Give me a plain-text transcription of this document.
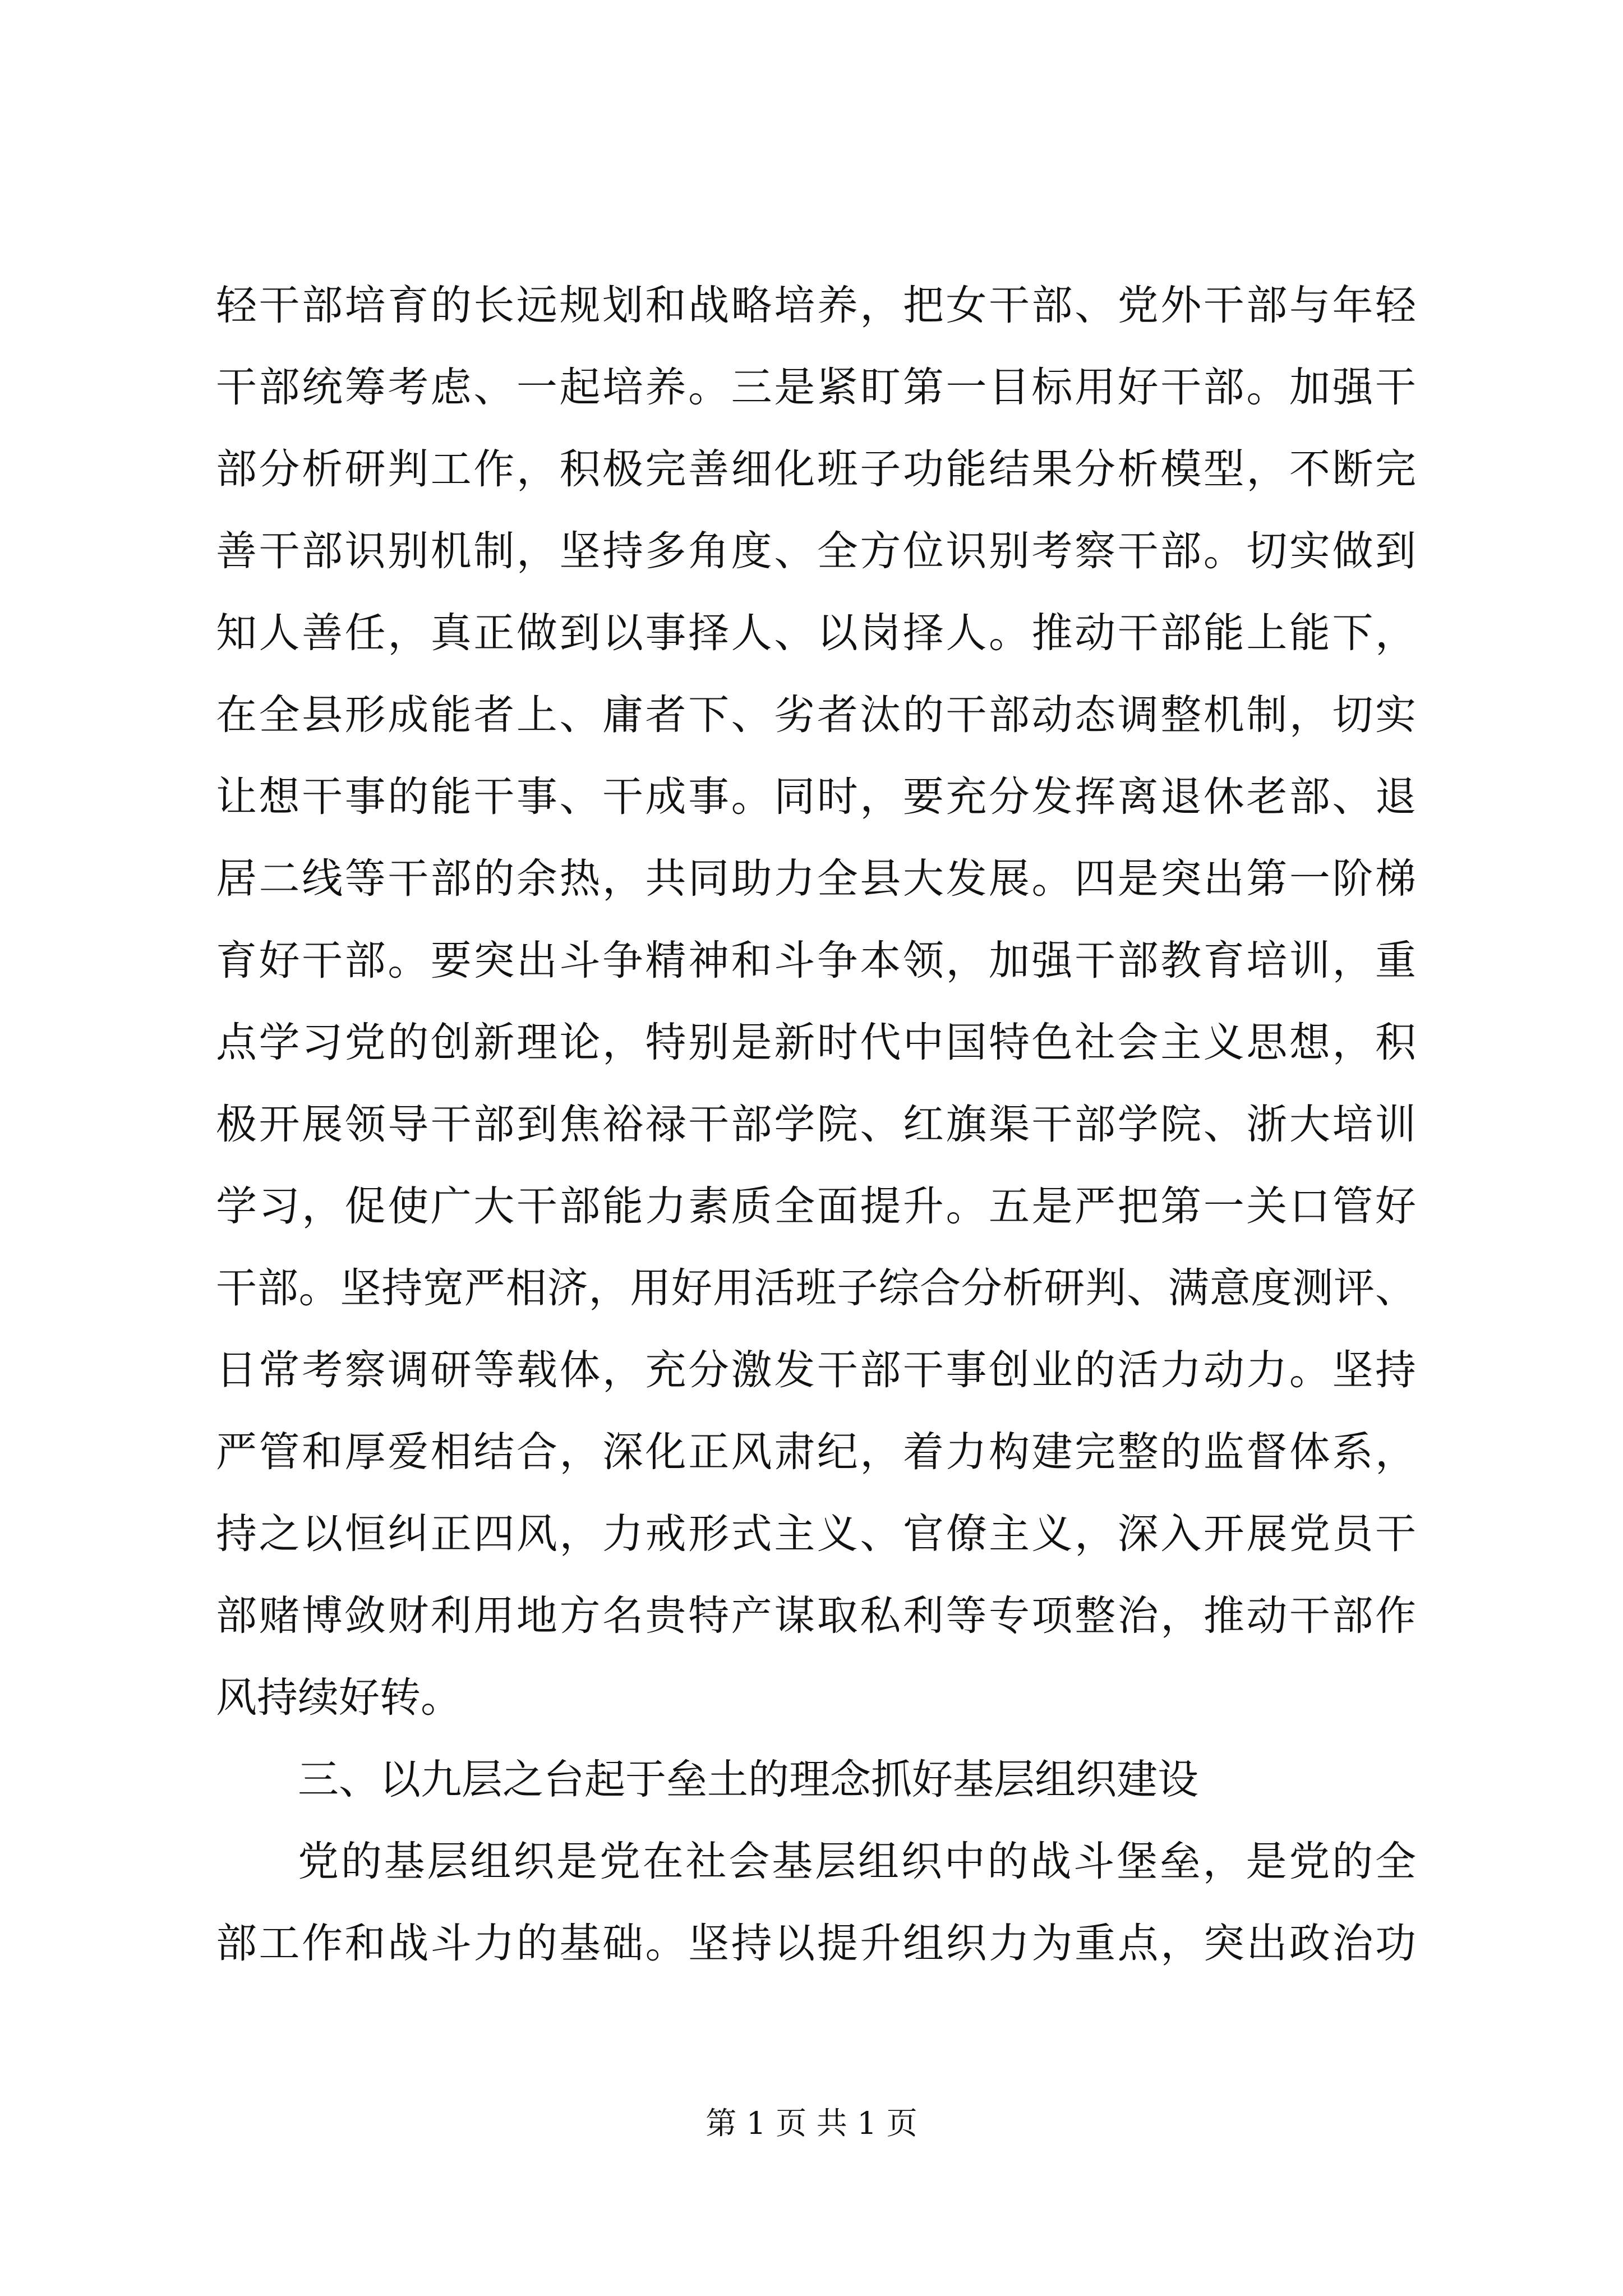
轻干部培育的长远规划和战略培养，把女干部、党外干部与年轻
干部统筹考虑、一起培养。三是紧盯第一目标用好干部。加强干
部分析研判工作，积极完善细化班子功能结果分析模型，不断完
善干部识别机制，坚持多角度、全方位识别考察干部。切实做到
知人善任，真正做到以事择人、以岗择人。推动干部能上能下，
在全县形成能者上、庸者下、劣者汰的干部动态调整机制，切实
让想干事的能干事、干成事。同时，要充分发挥离退休老部、退
居二线等干部的余热，共同助力全县大发展。四是突出第一阶梯
育好干部。要突出斗争精神和斗争本领，加强干部教育培训，重
点学习党的创新理论，特别是新时代中国特色社会主义思想，积
极开展领导干部到焦裕禄干部学院、红旗渠干部学院、浙大培训
学习，促使广大干部能力素质全面提升。五是严把第一关口管好
干部。坚持宽严相济，用好用活班子综合分析研判、满意度测评、
日常考察调研等载体，充分激发干部干事创业的活力动力。坚持
严管和厚爱相结合，深化正风肃纪，着力构建完整的监督体系，
持之以恒纠正四风，力戒形式主义、官僚主义，深入开展党员干
部赌博敛财利用地方名贵特产谋取私利等专项整治，推动干部作
风持续好转。
三、以九层之台起于垒土的理念抓好基层组织建设
党的基层组织是党在社会基层组织中的战斗堡垒，是党的全
部工作和战斗力的基础。坚持以提升组织力为重点，突出政治功
第 1 页 共 1 页
